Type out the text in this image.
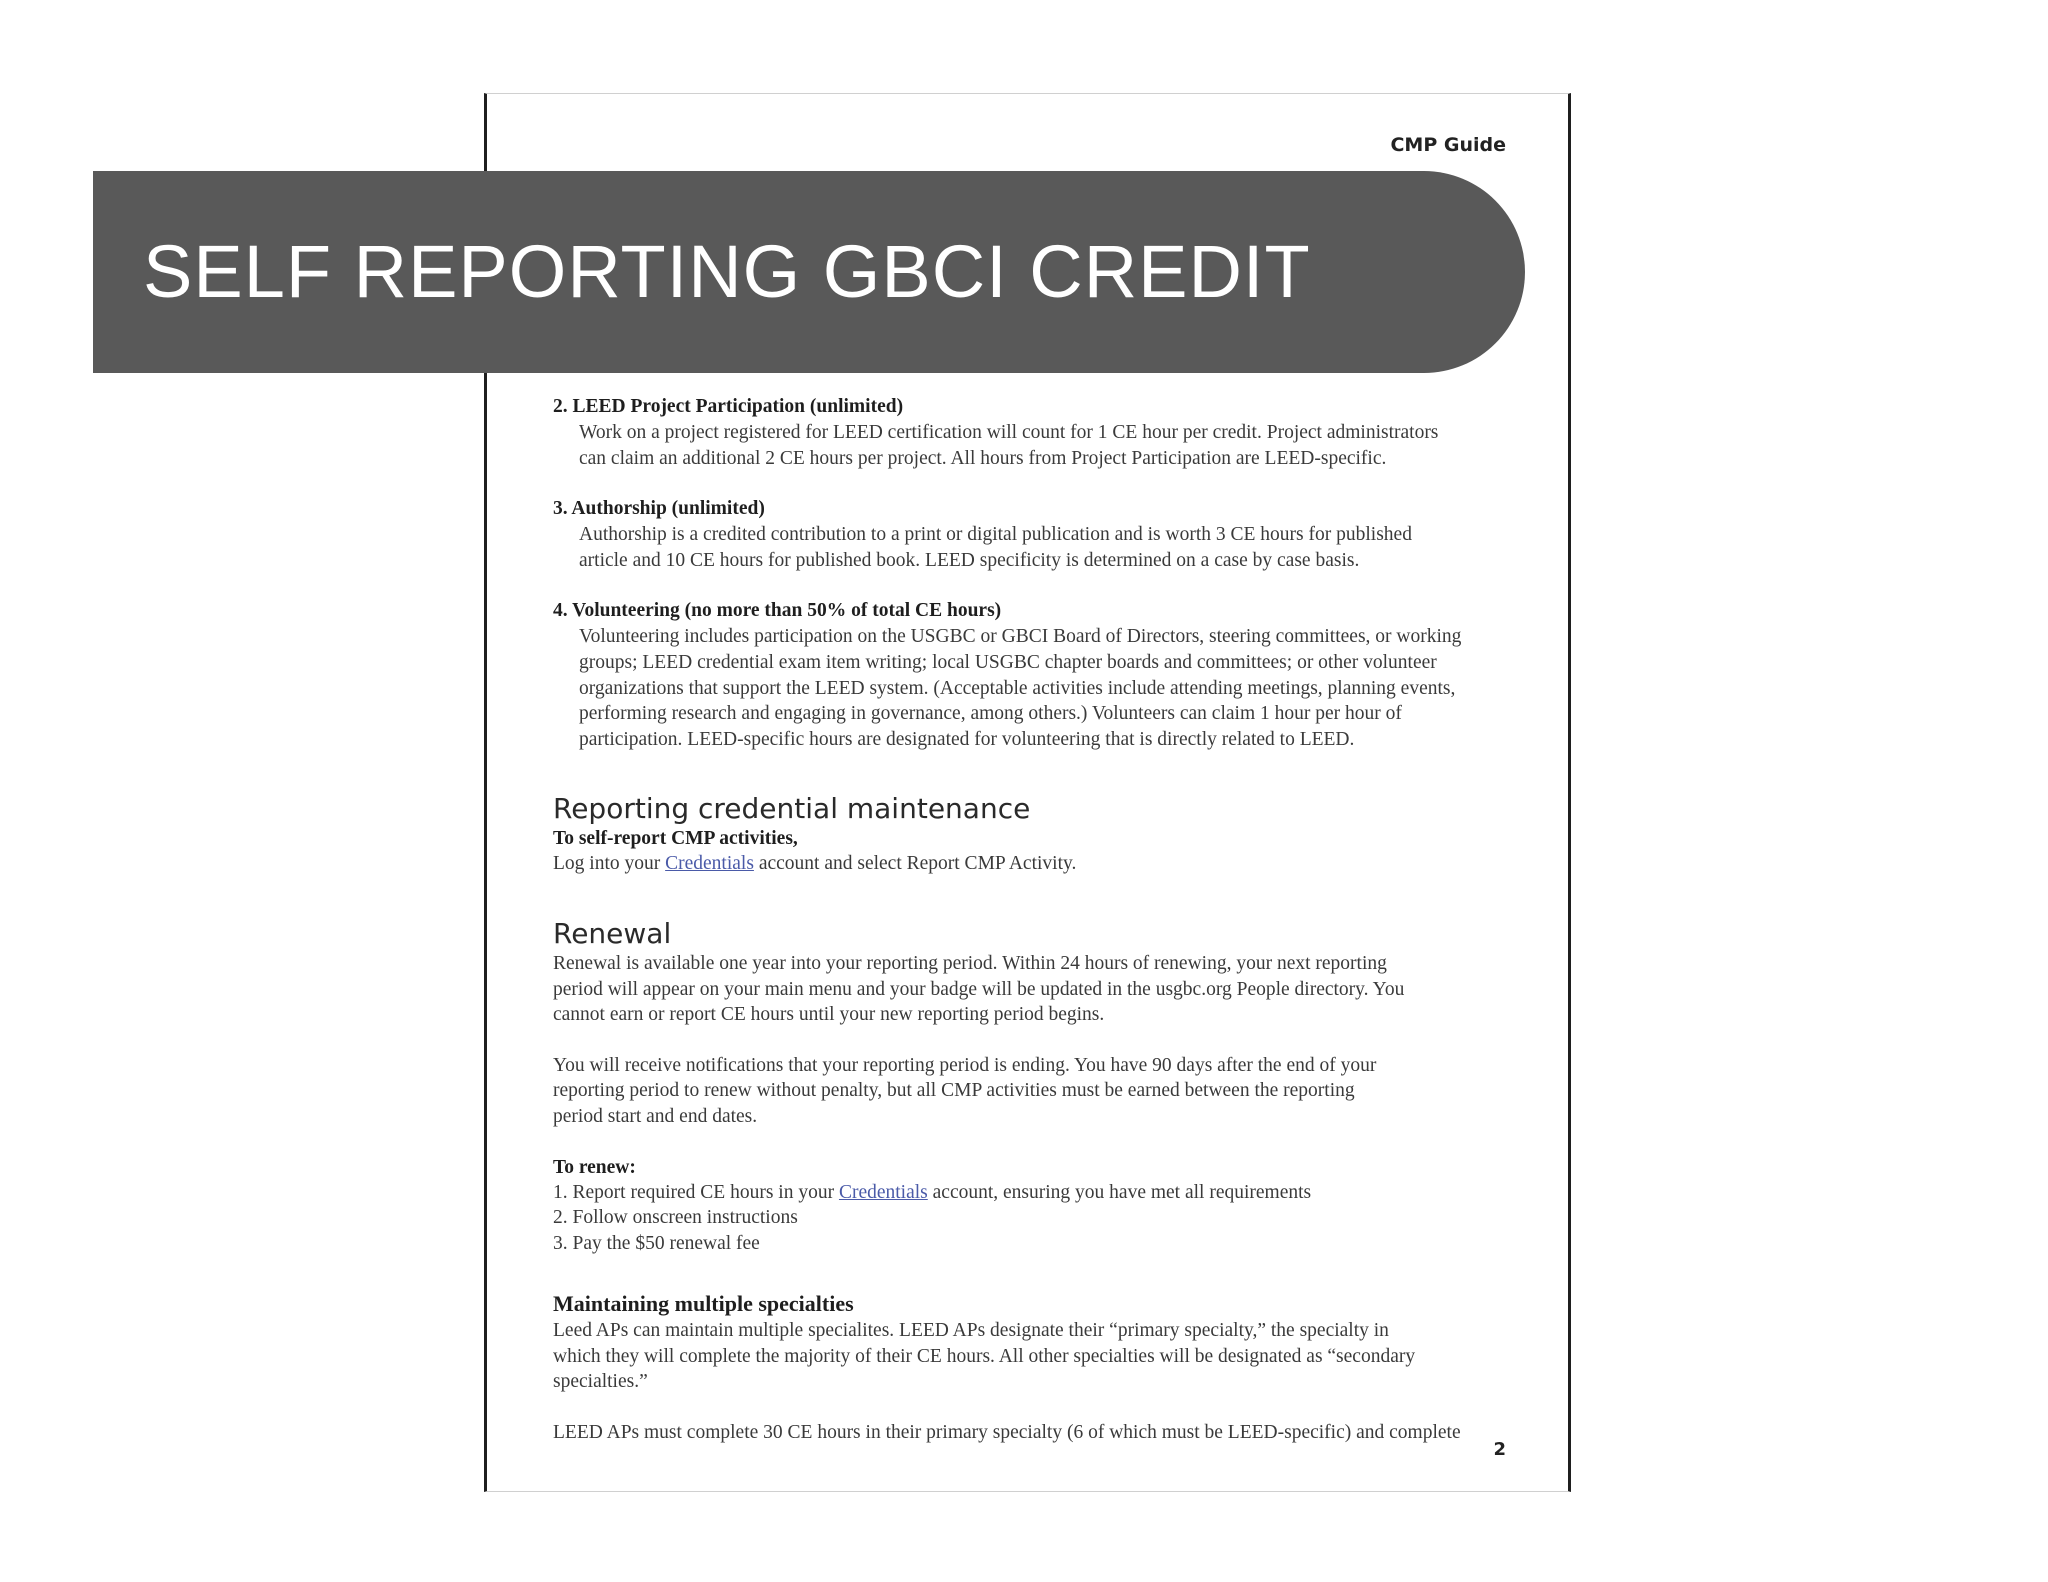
CMP Guide
2. LEED Project Participation (unlimited)
Work on a project registered for LEED certification will count for 1 CE hour per credit. Project administrators
can claim an additional 2 CE hours per project. All hours from Project Participation are LEED-specific.
3. Authorship (unlimited)
Authorship is a credited contribution to a print or digital publication and is worth 3 CE hours for published
article and 10 CE hours for published book. LEED specificity is determined on a case by case basis.
4. Volunteering (no more than 50% of total CE hours)
Volunteering includes participation on the USGBC or GBCI Board of Directors, steering committees, or working
groups; LEED credential exam item writing; local USGBC chapter boards and committees; or other volunteer
organizations that support the LEED system. (Acceptable activities include attending meetings, planning events,
performing research and engaging in governance, among others.) Volunteers can claim 1 hour per hour of
participation. LEED-specific hours are designated for volunteering that is directly related to LEED.
Reporting credential maintenance
To self-report CMP activities,
Log into your Credentials account and select Report CMP Activity.
Renewal
Renewal is available one year into your reporting period. Within 24 hours of renewing, your next reporting
period will appear on your main menu and your badge will be updated in the usgbc.org People directory. You
cannot earn or report CE hours until your new reporting period begins.
You will receive notifications that your reporting period is ending. You have 90 days after the end of your
reporting period to renew without penalty, but all CMP activities must be earned between the reporting
period start and end dates.
To renew:
1. Report required CE hours in your Credentials account, ensuring you have met all requirements
2. Follow onscreen instructions
3. Pay the $50 renewal fee
Maintaining multiple specialties
Leed APs can maintain multiple specialites. LEED APs designate their “primary specialty,” the specialty in
which they will complete the majority of their CE hours. All other specialties will be designated as “secondary
specialties.”
LEED APs must complete 30 CE hours in their primary specialty (6 of which must be LEED-specific) and complete
2
SELF REPORTING GBCI CREDIT
